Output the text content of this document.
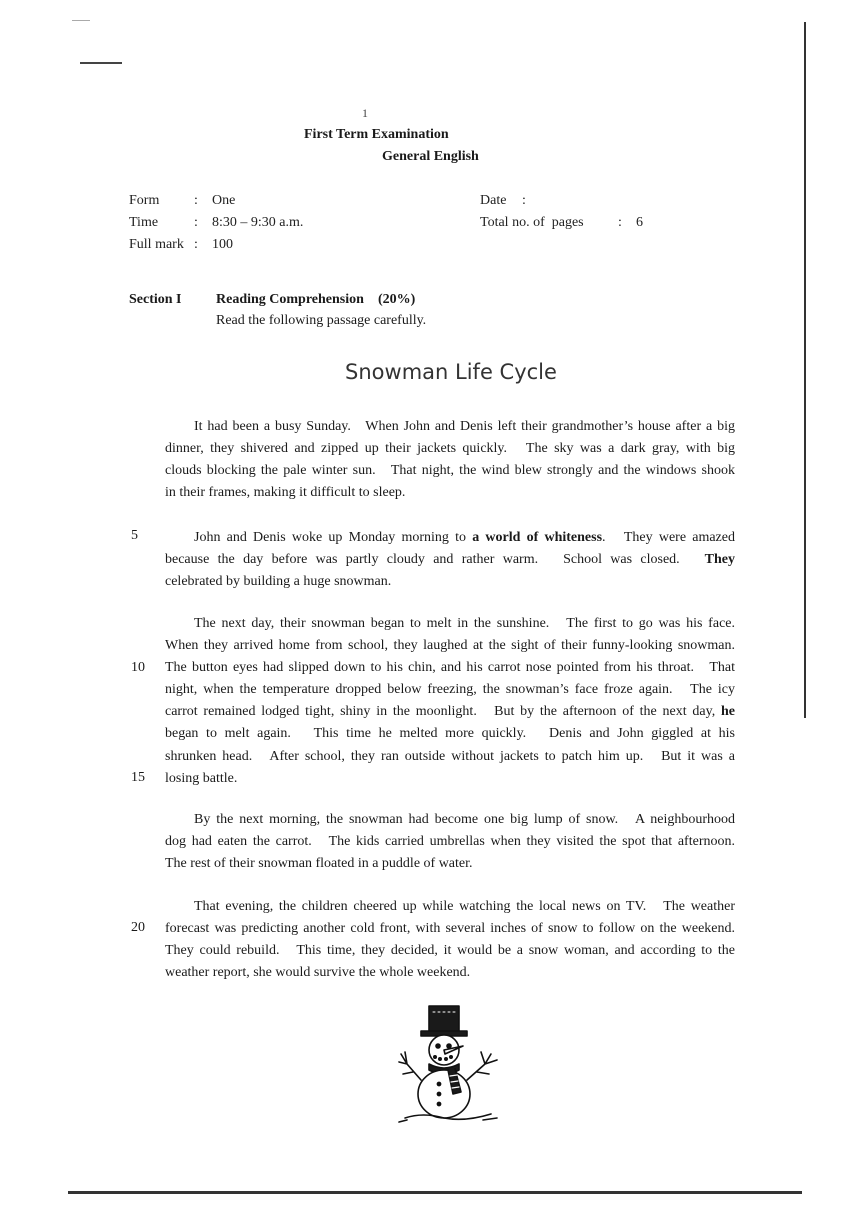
1
First Term Examination
General English
Form : One
Time	: 8:30 – 9:30 a.m.
Full mark : 100
Date :
Total no. of  pages : 6
Section I Reading Comprehension (20%)
Read the following passage carefully.
Snowman Life Cycle
It had been a busy Sunday.   When John and Denis left their grandmother’s house after a big
dinner, they shivered and zipped up their jackets quickly.   The sky was a dark gray, with big
clouds blocking the pale winter sun.   That night, the wind blew strongly and the windows shook
in their frames, making it difficult to sleep.
5	John and Denis woke up Monday morning to a world of whiteness.   They were amazed
because the day before was partly cloudy and rather warm.   School was closed.   They
celebrated by building a huge snowman.
10
15
The next day, their snowman began to melt in the sunshine.   The first to go was his face.
When they arrived home from school, they laughed at the sight of their funny-looking snowman.
The button eyes had slipped down to his chin, and his carrot nose pointed from his throat.   That
night, when the temperature dropped below freezing, the snowman’s face froze again.   The icy
carrot remained lodged tight, shiny in the moonlight.   But by the afternoon of the next day, he
began to melt again.   This time he melted more quickly.   Denis and John giggled at his
shrunken head.   After school, they ran outside without jackets to patch him up.   But it was a
losing battle.
By the next morning, the snowman had become one big lump of snow.   A neighbourhood
dog had eaten the carrot.   The kids carried umbrellas when they visited the spot that afternoon.
The rest of their snowman floated in a puddle of water.
20
That evening, the children cheered up while watching the local news on TV.   The weather
forecast was predicting another cold front, with several inches of snow to follow on the weekend.
They could rebuild.   This time, they decided, it would be a snow woman, and according to the
weather report, she would survive the whole weekend.
